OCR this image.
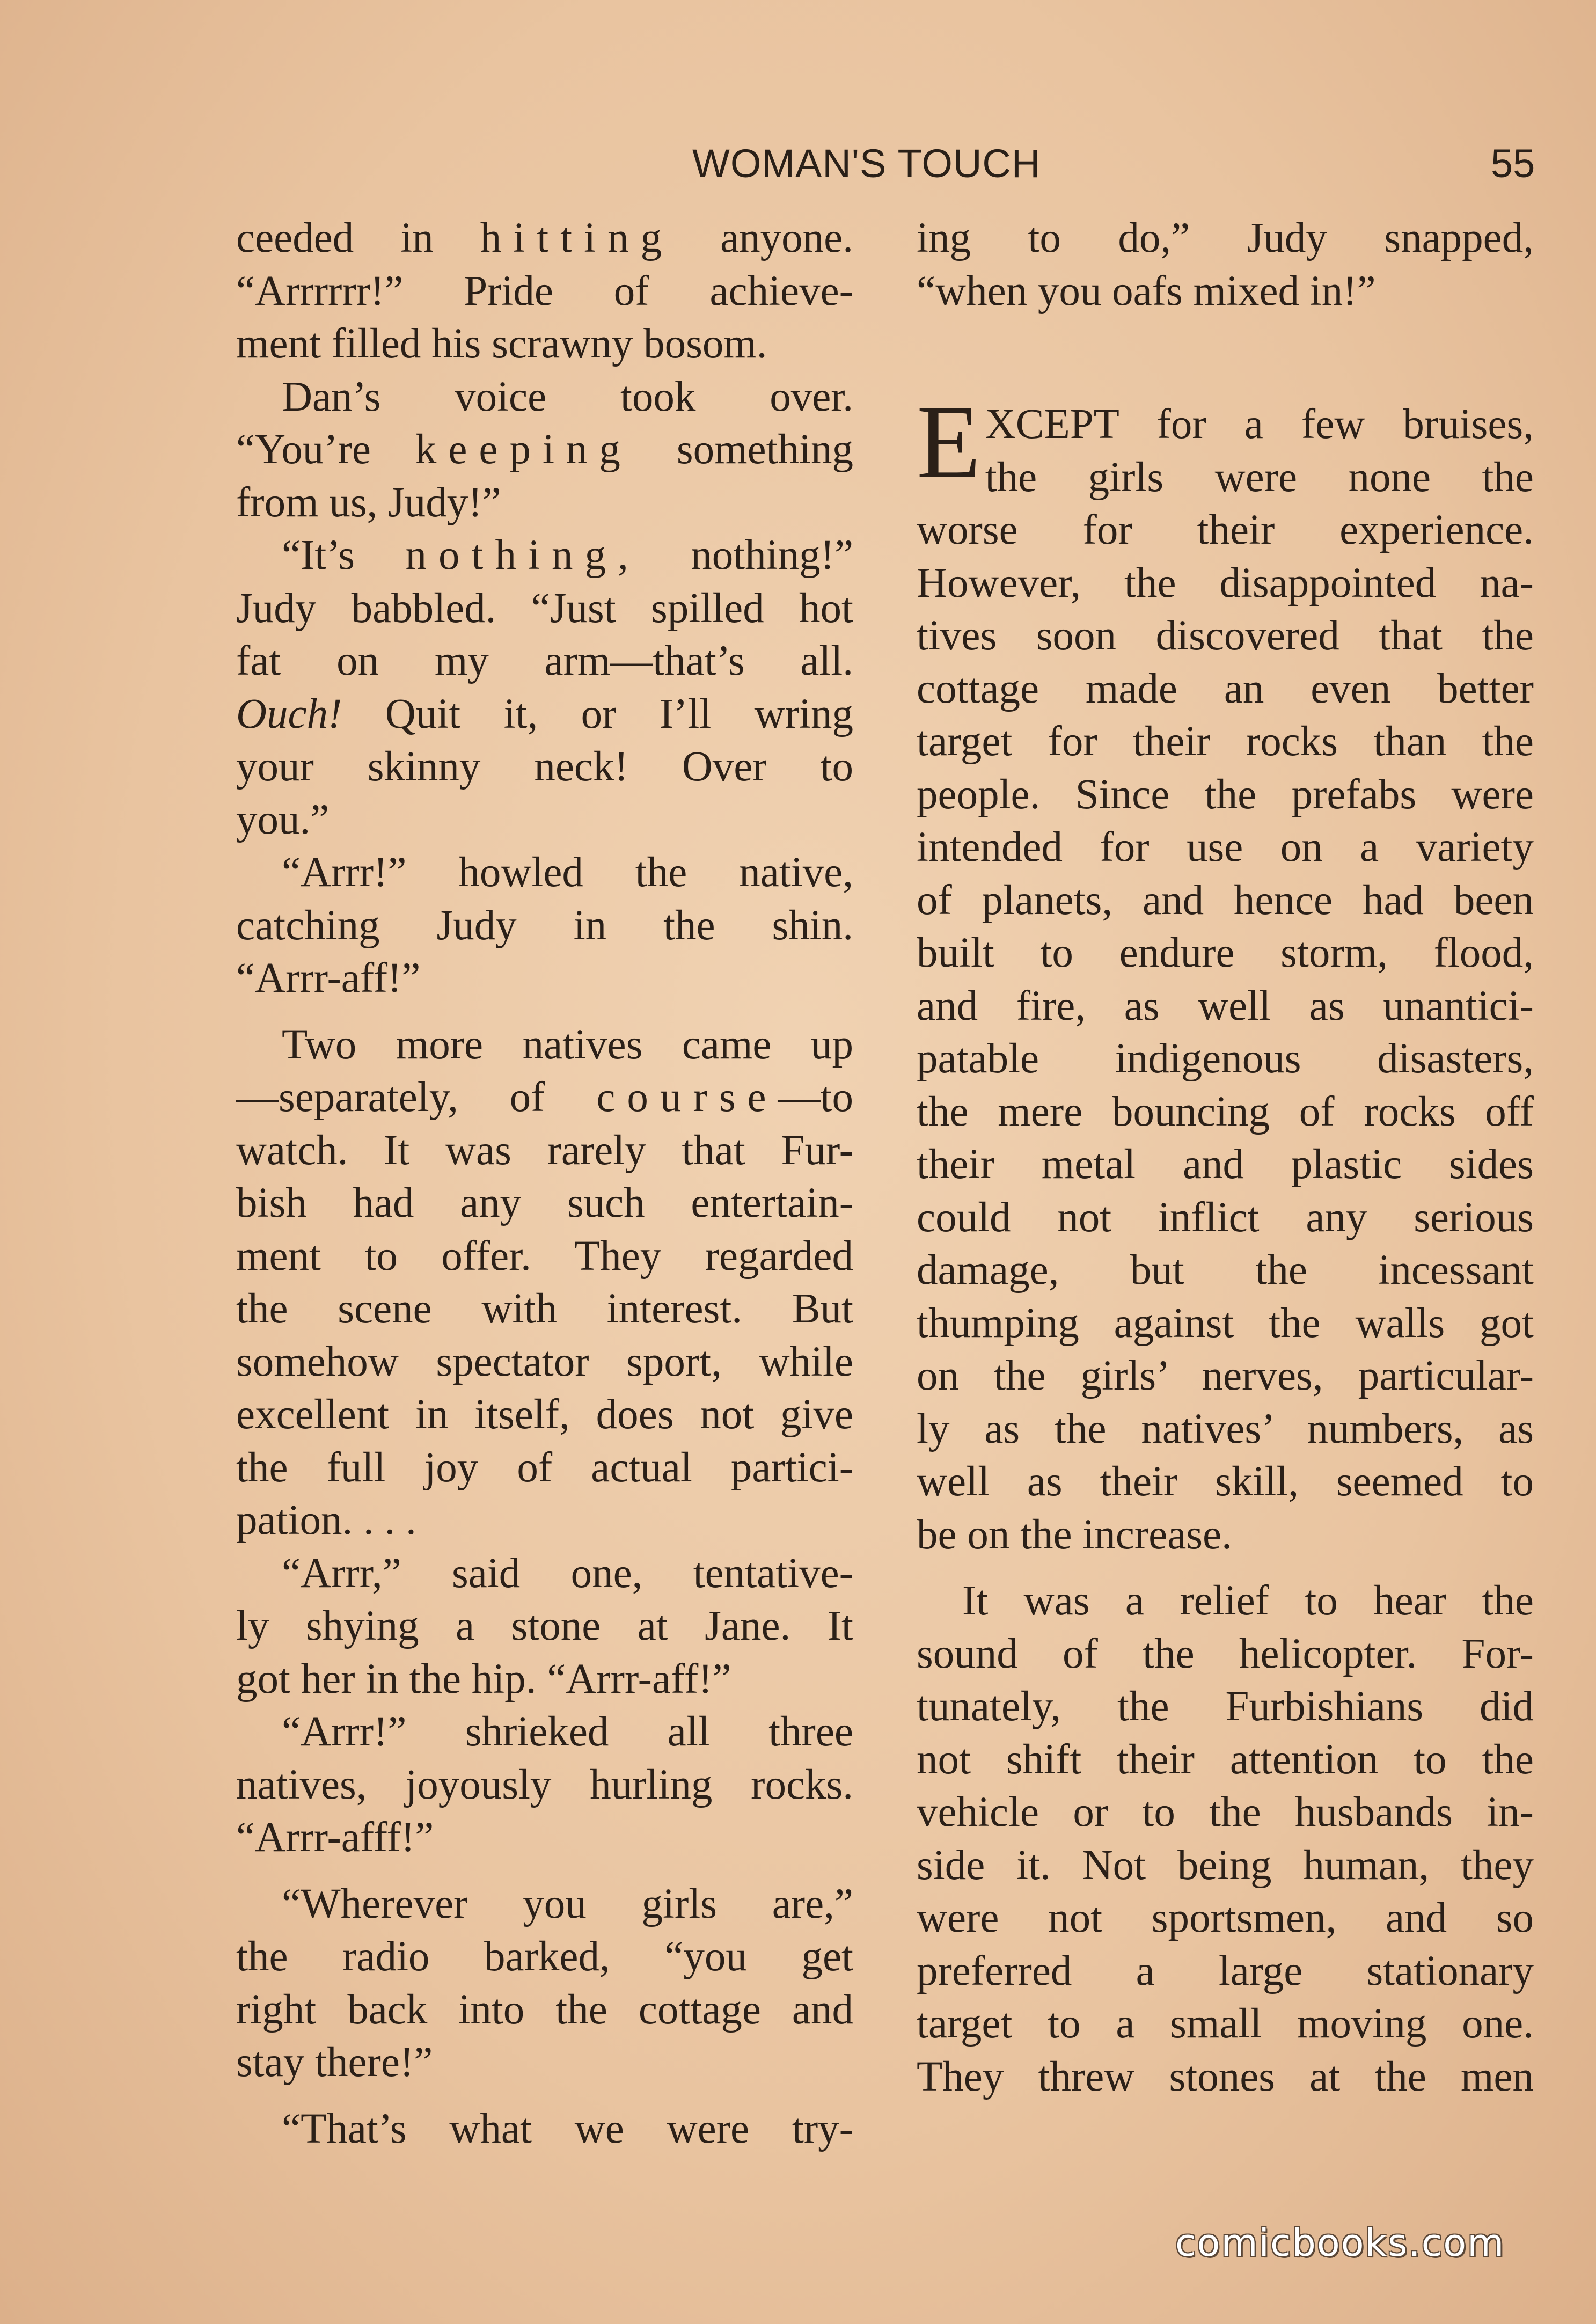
WOMAN'S TOUCH	55
ceeded in hitting anyone.
“Arrrrrr!” Pride of achieve-
ment filled his scrawny bosom.
Dan’s voice took over.
“You’re keeping something
from us, Judy!”
“It’s nothing, nothing!”
Judy babbled. “Just spilled hot
fat on my arm—that’s all.
Ouch! Quit it, or I’ll wring
your skinny neck! Over to
you.”
“Arrr!” howled the native,
catching Judy in the shin.
“Arrr-aff!”
Two more natives came up
—separately, of course—to
watch. It was rarely that Fur-
bish had any such entertain-
ment to offer. They regarded
the scene with interest. But
somehow spectator sport, while
excellent in itself, does not give
the full joy of actual partici-
pation. . . .
“Arrr,” said one, tentative-
ly shying a stone at Jane. It
got her in the hip. “Arrr-aff!”
“Arrr!” shrieked all three
natives, joyously hurling rocks.
“Arrr-afff!”
“Wherever you girls are,”
the radio barked, “you get
right back into the cottage and
stay there!”
“That’s what we were try-
ing to do,” Judy snapped,
“when you oafs mixed in!”
E XCEPT for a few bruises,
the girls were none the
worse for their experience.
However, the disappointed na-
tives soon discovered that the
cottage made an even better
target for their rocks than the
people. Since the prefabs were
intended for use on a variety
of planets, and hence had been
built to endure storm, flood,
and fire, as well as unantici-
patable indigenous disasters,
the mere bouncing of rocks off
their metal and plastic sides
could not inflict any serious
damage, but the incessant
thumping against the walls got
on the girls’ nerves, particular-
ly as the natives’ numbers, as
well as their skill, seemed to
be on the increase.
It was a relief to hear the
sound of the helicopter. For-
tunately, the Furbishians did
not shift their attention to the
vehicle or to the husbands in-
side it. Not being human, they
were not sportsmen, and so
preferred a large stationary
target to a small moving one.
They threw stones at the men
comicbooks.com
